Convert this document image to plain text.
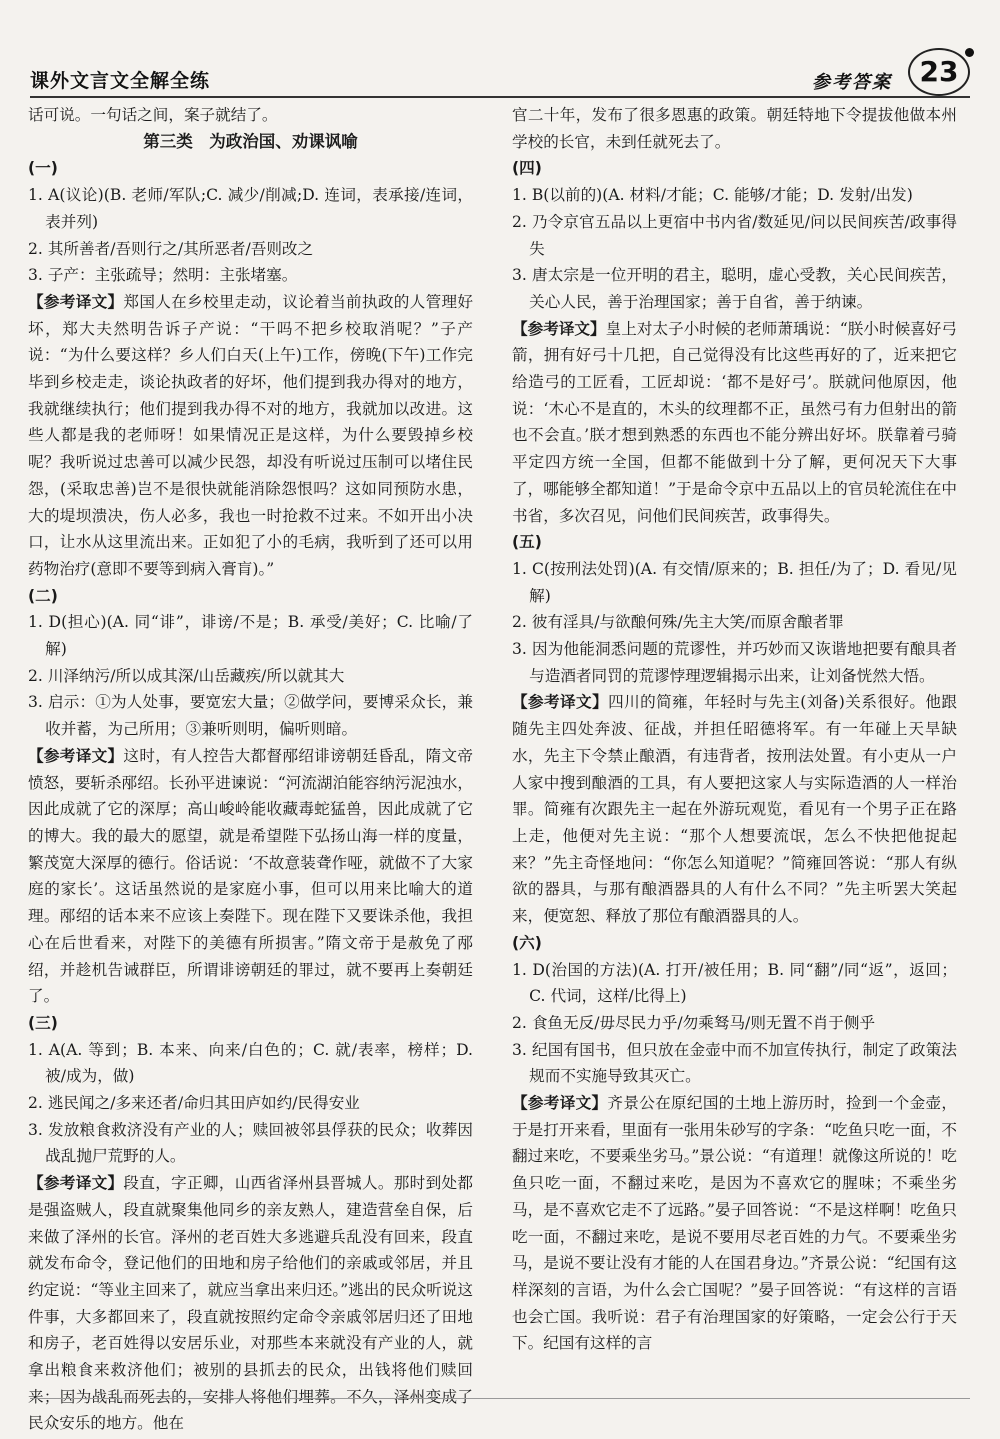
课外文言文全解全练	参考答案 23

话可说。一句话之间，案子就结了。

第三类　为政治国、劝课讽喻

(一)

1. A(议论)(B. 老师/军队;C. 减少/削减;D. 连词，表承接/连词，表并列)

2. 其所善者/吾则行之/其所恶者/吾则改之

3. 子产：主张疏导；然明：主张堵塞。

【参考译文】郑国人在乡校里走动，议论着当前执政的人管理好坏，郑大夫然明告诉子产说：“干吗不把乡校取消呢？”子产说：“为什么要这样？乡人们白天(上午)工作，傍晚(下午)工作完毕到乡校走走，谈论执政者的好坏，他们提到我办得对的地方，我就继续执行；他们提到我办得不对的地方，我就加以改进。这些人都是我的老师呀！如果情况正是这样，为什么要毁掉乡校呢？我听说过忠善可以减少民怨，却没有听说过压制可以堵住民怨，(采取忠善)岂不是很快就能消除怨恨吗？这如同预防水患，大的堤坝溃决，伤人必多，我也一时抢救不过来。不如开出小决口，让水从这里流出来。正如犯了小的毛病，我听到了还可以用药物治疗(意即不要等到病入膏肓)。”

(二)

1. D(担心)(A. 同“诽”，诽谤/不是；B. 承受/美好；C. 比喻/了解)

2. 川泽纳污/所以成其深/山岳藏疾/所以就其大

3. 启示：①为人处事，要宽宏大量；②做学问，要博采众长，兼收并蓄，为己所用；③兼听则明，偏听则暗。

【参考译文】这时，有人控告大都督邴绍诽谤朝廷昏乱，隋文帝愤怒，要斩杀邴绍。长孙平进谏说：“河流湖泊能容纳污泥浊水，因此成就了它的深厚；高山峻岭能收藏毒蛇猛兽，因此成就了它的博大。我的最大的愿望，就是希望陛下弘扬山海一样的度量，繁茂宽大深厚的德行。俗话说：‘不故意装聋作哑，就做不了大家庭的家长’。这话虽然说的是家庭小事，但可以用来比喻大的道理。邴绍的话本来不应该上奏陛下。现在陛下又要诛杀他，我担心在后世看来，对陛下的美德有所损害。”隋文帝于是赦免了邴绍，并趁机告诫群臣，所谓诽谤朝廷的罪过，就不要再上奏朝廷了。

(三)

1. A(A. 等到；B. 本来、向来/白色的；C. 就/表率，榜样；D. 被/成为，做)

2. 逃民闻之/多来还者/命归其田庐如约/民得安业

3. 发放粮食救济没有产业的人；赎回被邻县俘获的民众；收葬因战乱抛尸荒野的人。

【参考译文】段直，字正卿，山西省泽州县晋城人。那时到处都是强盗贼人，段直就聚集他同乡的亲友熟人，建造营垒自保，后来做了泽州的长官。泽州的老百姓大多逃避兵乱没有回来，段直就发布命令，登记他们的田地和房子给他们的亲戚或邻居，并且约定说：“等业主回来了，就应当拿出来归还。”逃出的民众听说这件事，大多都回来了，段直就按照约定命令亲戚邻居归还了田地和房子，老百姓得以安居乐业，对那些本来就没有产业的人，就拿出粮食来救济他们；被别的县抓去的民众，出钱将他们赎回来；因为战乱而死去的，安排人将他们埋葬。不久，泽州变成了民众安乐的地方。他在

官二十年，发布了很多恩惠的政策。朝廷特地下令提拔他做本州学校的长官，未到任就死去了。

(四)

1. B(以前的)(A. 材料/才能；C. 能够/才能；D. 发射/出发)

2. 乃令京官五品以上更宿中书内省/数延见/问以民间疾苦/政事得失

3. 唐太宗是一位开明的君主，聪明，虚心受教，关心民间疾苦，关心人民，善于治理国家；善于自省，善于纳谏。

【参考译文】皇上对太子小时候的老师萧瑀说：“朕小时候喜好弓箭，拥有好弓十几把，自己觉得没有比这些再好的了，近来把它给造弓的工匠看，工匠却说：‘都不是好弓’。朕就问他原因，他说：‘木心不是直的，木头的纹理都不正，虽然弓有力但射出的箭也不会直。’朕才想到熟悉的东西也不能分辨出好坏。朕靠着弓骑平定四方统一全国，但都不能做到十分了解，更何况天下大事了，哪能够全都知道！”于是命令京中五品以上的官员轮流住在中书省，多次召见，问他们民间疾苦，政事得失。

(五)

1. C(按刑法处罚)(A. 有交情/原来的；B. 担任/为了；D. 看见/见解)

2. 彼有淫具/与欲酿何殊/先主大笑/而原舍酿者罪

3. 因为他能洞悉问题的荒谬性，并巧妙而又诙谐地把要有酿具者与造酒者同罚的荒谬悖理逻辑揭示出来，让刘备恍然大悟。

【参考译文】四川的简雍，年轻时与先主(刘备)关系很好。他跟随先主四处奔波、征战，并担任昭德将军。有一年碰上天旱缺水，先主下令禁止酿酒，有违背者，按刑法处置。有小吏从一户人家中搜到酿酒的工具，有人要把这家人与实际造酒的人一样治罪。简雍有次跟先主一起在外游玩观览，看见有一个男子正在路上走，他便对先主说：“那个人想要流氓，怎么不快把他捉起来？”先主奇怪地问：“你怎么知道呢？”简雍回答说：“那人有纵欲的器具，与那有酿酒器具的人有什么不同？”先主听罢大笑起来，便宽恕、释放了那位有酿酒器具的人。

(六)

1. D(治国的方法)(A. 打开/被任用；B. 同“翻”/同“返”，返回；C. 代词，这样/比得上)

2. 食鱼无反/毋尽民力乎/勿乘驽马/则无置不肖于侧乎

3. 纪国有国书，但只放在金壶中而不加宣传执行，制定了政策法规而不实施导致其灭亡。

【参考译文】齐景公在原纪国的土地上游历时，捡到一个金壶，于是打开来看，里面有一张用朱砂写的字条：“吃鱼只吃一面，不翻过来吃，不要乘坐劣马。”景公说：“有道理！就像这所说的！吃鱼只吃一面，不翻过来吃，是因为不喜欢它的腥味；不乘坐劣马，是不喜欢它走不了远路。”晏子回答说：“不是这样啊！吃鱼只吃一面，不翻过来吃，是说不要用尽老百姓的力气。不要乘坐劣马，是说不要让没有才能的人在国君身边。”齐景公说：“纪国有这样深刻的言语，为什么会亡国呢？”晏子回答说：“有这样的言语也会亡国。我听说：君子有治理国家的好策略，一定会公行于天下。纪国有这样的言
